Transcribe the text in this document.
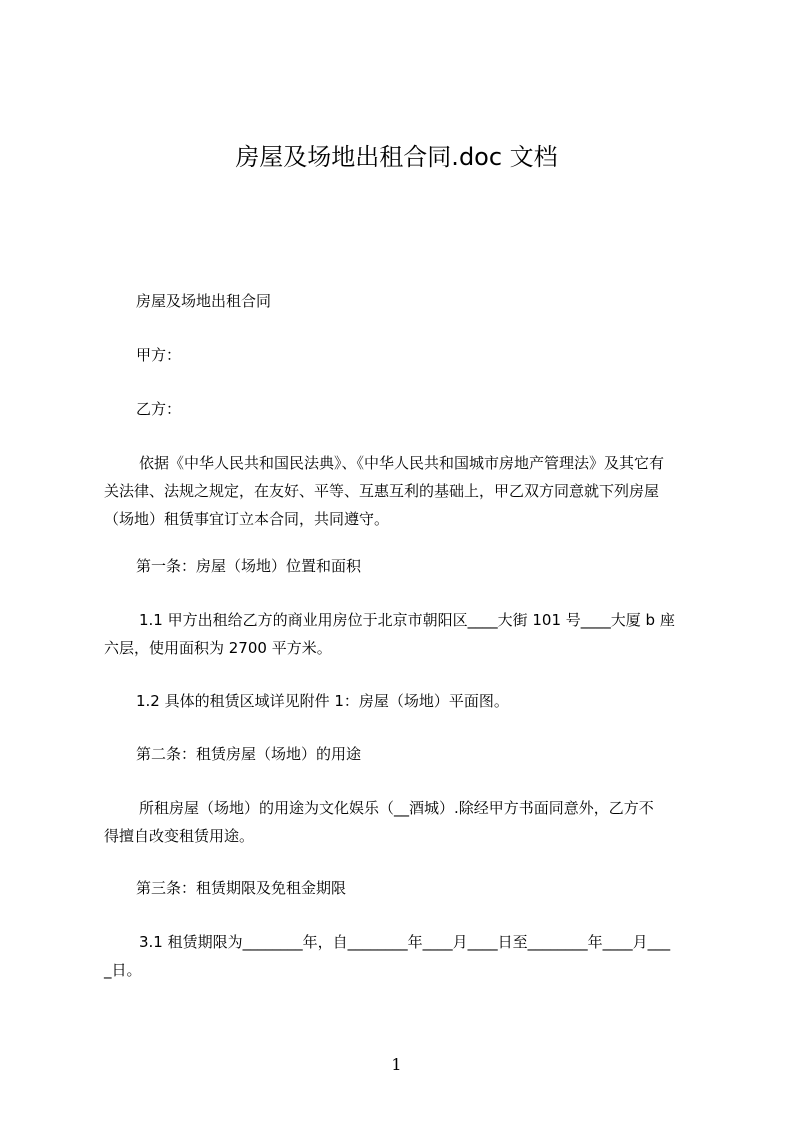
房屋及场地出租合同.doc 文档
房屋及场地出租合同
甲方：
乙方：
　依据《中华人民共和国民法典》、《中华人民共和国城市房地产管理法》及其它有
关法律、法规之规定，在友好、平等、互惠互利的基础上，甲乙双方同意就下列房屋
（场地）租赁事宜订立本合同，共同遵守。
第一条：房屋（场地）位置和面积
　1.1 甲方出租给乙方的商业用房位于北京市朝阳区____大街 101 号____大厦 b 座
六层，使用面积为 2700 平方米。
1.2 具体的租赁区域详见附件 1：房屋（场地）平面图。
第二条：租赁房屋（场地）的用途
　所租房屋（场地）的用途为文化娱乐（__酒城）.除经甲方书面同意外，乙方不
得擅自改变租赁用途。
第三条：租赁期限及免租金期限
　3.1 租赁期限为________年，自________年____月____日至________年____月___
_日。
1
